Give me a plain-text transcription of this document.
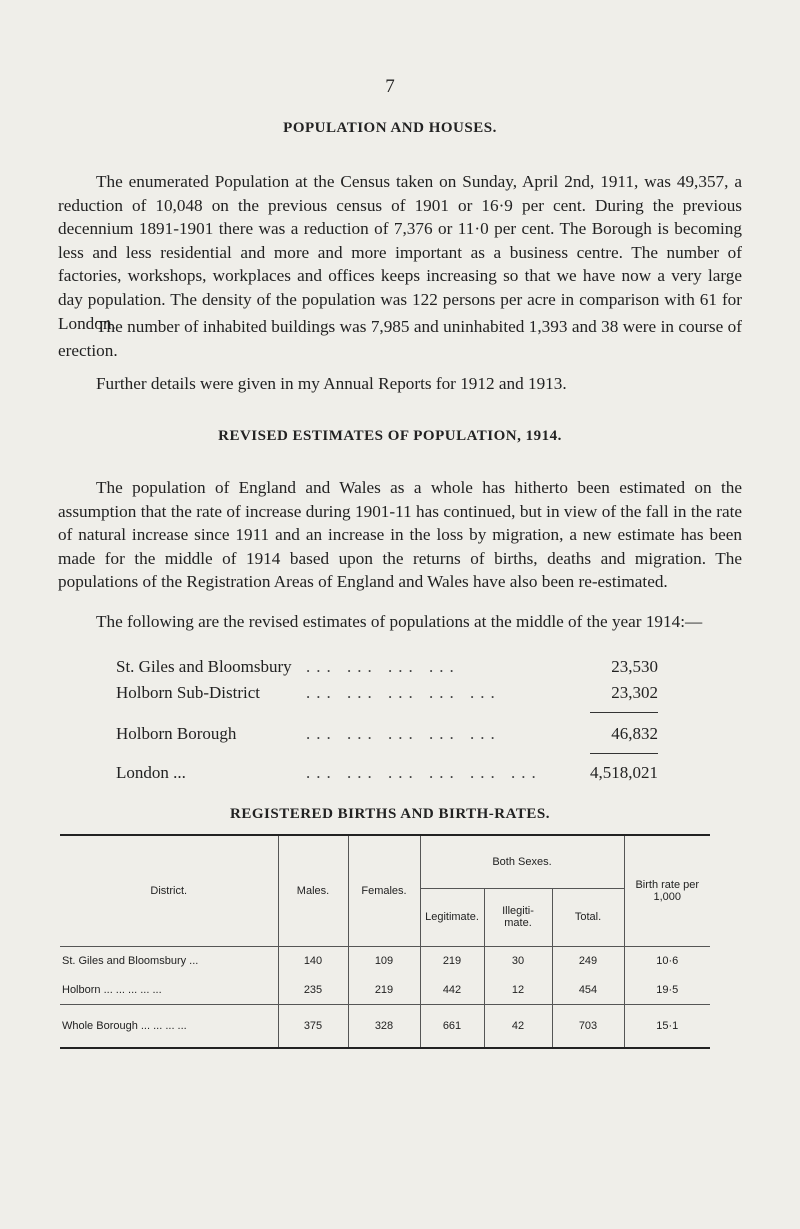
7
POPULATION AND HOUSES.

The enumerated Population at the Census taken on Sunday, April 2nd, 1911, was 49,357, a reduction of 10,048 on the previous census of 1901 or 16·9 per cent. During the previous decennium 1891-1901 there was a reduction of 7,376 or 11·0 per cent. The Borough is becoming less and less residential and more and more important as a business centre. The number of factories, workshops, workplaces and offices keeps increasing so that we have now a very large day population. The density of the population was 122 persons per acre in comparison with 61 for London.

The number of inhabited buildings was 7,985 and uninhabited 1,393 and 38 were in course of erection.

Further details were given in my Annual Reports for 1912 and 1913.

REVISED ESTIMATES OF POPULATION, 1914.

The population of England and Wales as a whole has hitherto been estimated on the assumption that the rate of increase during 1901-11 has continued, but in view of the fall in the rate of natural increase since 1911 and an increase in the loss by migration, a new estimate has been made for the middle of 1914 based upon the returns of births, deaths and migration. The populations of the Registration Areas of England and Wales have also been re-estimated.

The following are the revised estimates of populations at the middle of the year 1914:—

St. Giles and Bloomsbury ... ... ... ...	23,530
Holborn Sub-District	... ... ... ... ...	23,302
Holborn Borough	... ... ... ... ...	46,832
London ...	... ... ... ... ... ...	4,518,021
REGISTERED BIRTHS AND BIRTH-RATES.

District.	Males.	Females.	Both Sexes.			Birth rate per 1,000
			Legitimate.	Illegiti- mate.	Total.	
St. Giles and Bloomsbury ...	140	109	219	30	249	10·6
Holborn ... ... ... ... ...	235	219	442	12	454	19·5
Whole Borough ... ... ... ...	375	328	661	42	703	15·1
